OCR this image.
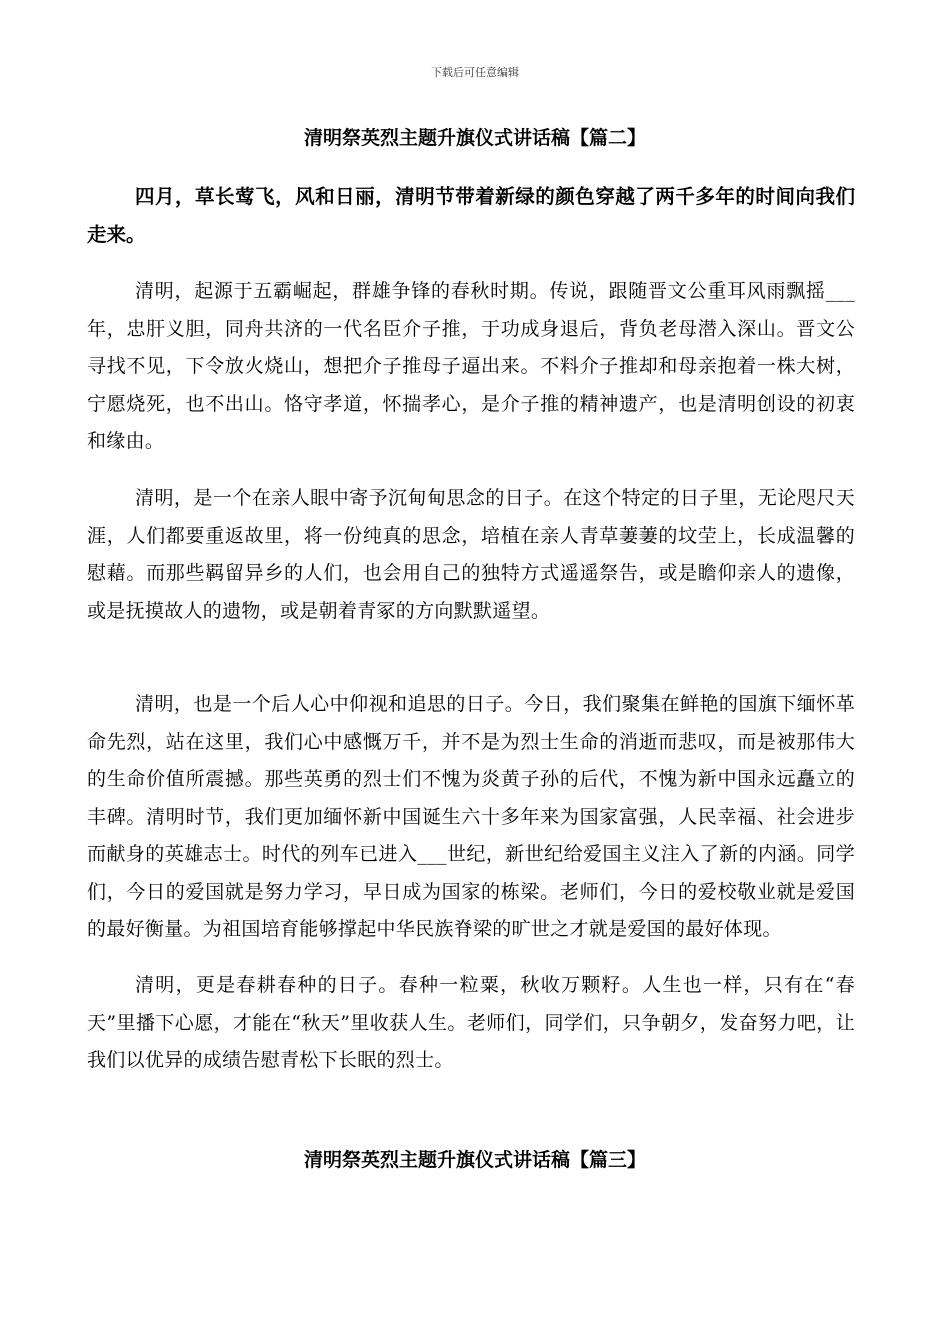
下载后可任意编辑
清明祭英烈主题升旗仪式讲话稿【篇二】
四月，草长莺飞，风和日丽，清明节带着新绿的颜色穿越了两千多年的时间向我们走来。
清明，起源于五霸崛起，群雄争锋的春秋时期。传说，跟随晋文公重耳风雨飘摇___年，忠肝义胆，同舟共济的一代名臣介子推，于功成身退后，背负老母潜入深山。晋文公寻找不见，下令放火烧山，想把介子推母子逼出来。不料介子推却和母亲抱着一株大树，宁愿烧死，也不出山。恪守孝道，怀揣孝心，是介子推的精神遗产，也是清明创设的初衷和缘由。
清明，是一个在亲人眼中寄予沉甸甸思念的日子。在这个特定的日子里，无论咫尺天涯，人们都要重返故里，将一份纯真的思念，培植在亲人青草萋萋的坟茔上，长成温馨的慰藉。而那些羁留异乡的人们，也会用自己的独特方式遥遥祭告，或是瞻仰亲人的遗像，或是抚摸故人的遗物，或是朝着青冢的方向默默遥望。
清明，也是一个后人心中仰视和追思的日子。今日，我们聚集在鲜艳的国旗下缅怀革命先烈，站在这里，我们心中感慨万千，并不是为烈士生命的消逝而悲叹，而是被那伟大的生命价值所震撼。那些英勇的烈士们不愧为炎黄子孙的后代，不愧为新中国永远矗立的丰碑。清明时节，我们更加缅怀新中国诞生六十多年来为国家富强，人民幸福、社会进步而献身的英雄志士。时代的列车已进入___世纪，新世纪给爱国主义注入了新的内涵。同学们，今日的爱国就是努力学习，早日成为国家的栋梁。老师们，今日的爱校敬业就是爱国的最好衡量。为祖国培育能够撑起中华民族脊梁的旷世之才就是爱国的最好体现。
清明，更是春耕春种的日子。春种一粒粟，秋收万颗籽。人生也一样，只有在“春天”里播下心愿，才能在“秋天”里收获人生。老师们，同学们，只争朝夕，发奋努力吧，让我们以优异的成绩告慰青松下长眠的烈士。
清明祭英烈主题升旗仪式讲话稿【篇三】
